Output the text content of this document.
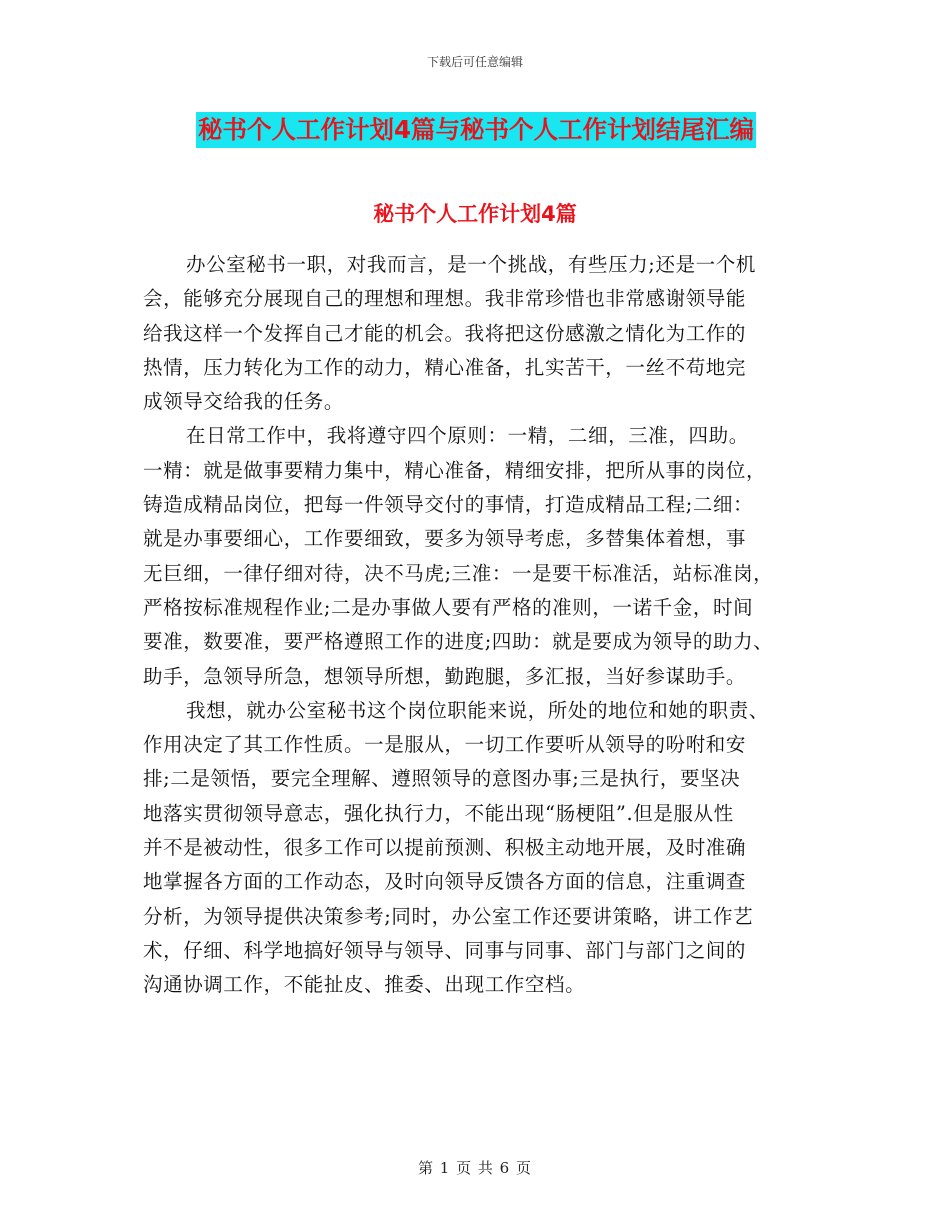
下载后可任意编辑
秘书个人工作计划4篇与秘书个人工作计划结尾汇编
秘书个人工作计划4篇
办公室秘书一职，对我而言，是一个挑战，有些压力;还是一个机
会，能够充分展现自己的理想和理想。我非常珍惜也非常感谢领导能
给我这样一个发挥自己才能的机会。我将把这份感激之情化为工作的
热情，压力转化为工作的动力，精心准备，扎实苦干，一丝不苟地完
成领导交给我的任务。
在日常工作中，我将遵守四个原则：一精，二细，三准，四助。
一精：就是做事要精力集中，精心准备，精细安排，把所从事的岗位，
铸造成精品岗位，把每一件领导交付的事情，打造成精品工程;二细：
就是办事要细心，工作要细致，要多为领导考虑，多替集体着想，事
无巨细，一律仔细对待，决不马虎;三准：一是要干标准活，站标准岗，
严格按标准规程作业;二是办事做人要有严格的准则，一诺千金，时间
要准，数要准，要严格遵照工作的进度;四助：就是要成为领导的助力、
助手，急领导所急，想领导所想，勤跑腿，多汇报，当好参谋助手。
我想，就办公室秘书这个岗位职能来说，所处的地位和她的职责、
作用决定了其工作性质。一是服从，一切工作要听从领导的吩咐和安
排;二是领悟，要完全理解、遵照领导的意图办事;三是执行，要坚决
地落实贯彻领导意志，强化执行力，不能出现“肠梗阻”.但是服从性
并不是被动性，很多工作可以提前预测、积极主动地开展，及时准确
地掌握各方面的工作动态，及时向领导反馈各方面的信息，注重调查
分析，为领导提供决策参考;同时，办公室工作还要讲策略，讲工作艺
术，仔细、科学地搞好领导与领导、同事与同事、部门与部门之间的
沟通协调工作，不能扯皮、推委、出现工作空档。
第 1 页 共 6 页
